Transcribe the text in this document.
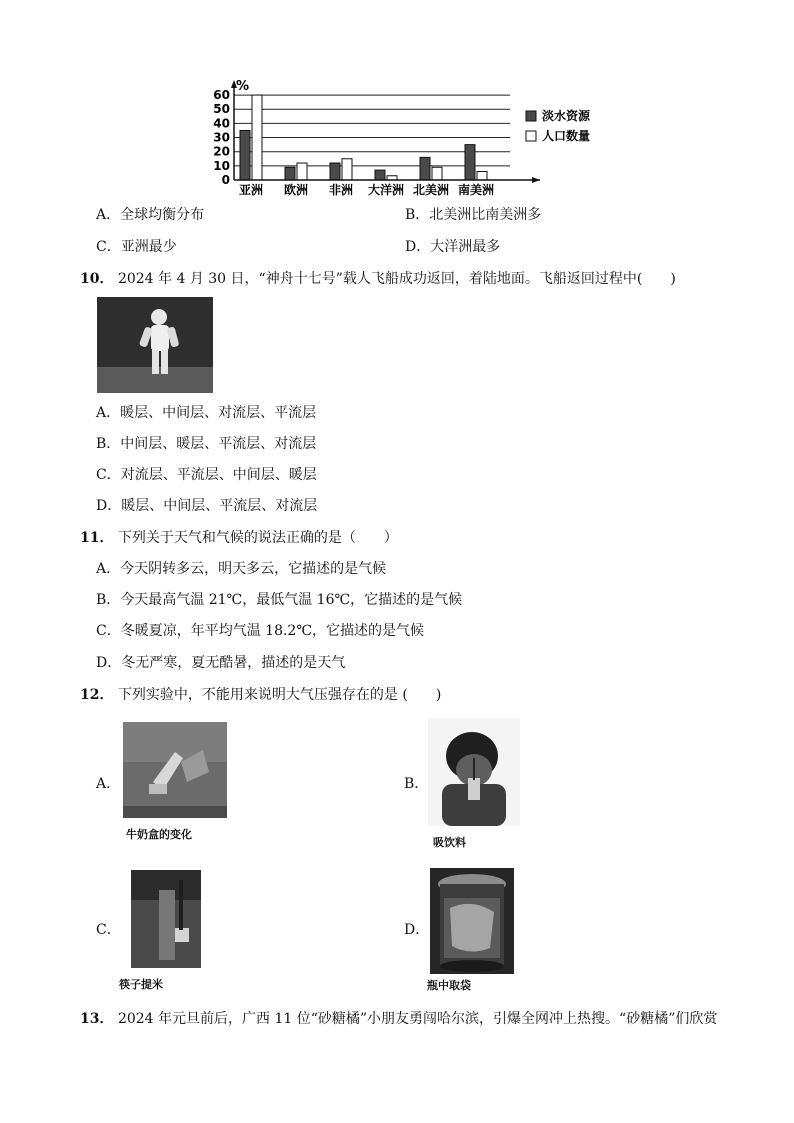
0
10
20
30
40
50
60
%
亚洲 欧洲 非洲 大洋洲 北美洲 南美洲
淡水资源
人口数量
A．全球均衡分布	B．北美洲比南美洲多
C．亚洲最少	D．大洋洲最多
10． 2024 年 4 月 30 日，“神舟十七号”载人飞船成功返回，着陆地面。飞船返回过程中(　　)
A．暖层、中间层、对流层、平流层
B．中间层、暖层、平流层、对流层
C．对流层、平流层、中间层、暖层
D．暖层、中间层、平流层、对流层
11． 下列关于天气和气候的说法正确的是（　　）
A．今天阴转多云，明天多云，它描述的是气候
B．今天最高气温 21℃，最低气温 16℃，它描述的是气候
C．冬暖夏凉，年平均气温 18.2℃，它描述的是气候
D．冬无严寒，夏无酷暑，描述的是天气
12． 下列实验中，不能用来说明大气压强存在的是 (　　)
A．
牛奶盒的变化
B．
吸饮料
C．
筷子提米
D．
瓶中取袋
13． 2024 年元旦前后，广西 11 位“砂糖橘”小朋友勇闯哈尔滨，引爆全网冲上热搜。“砂糖橘”们欣赏
